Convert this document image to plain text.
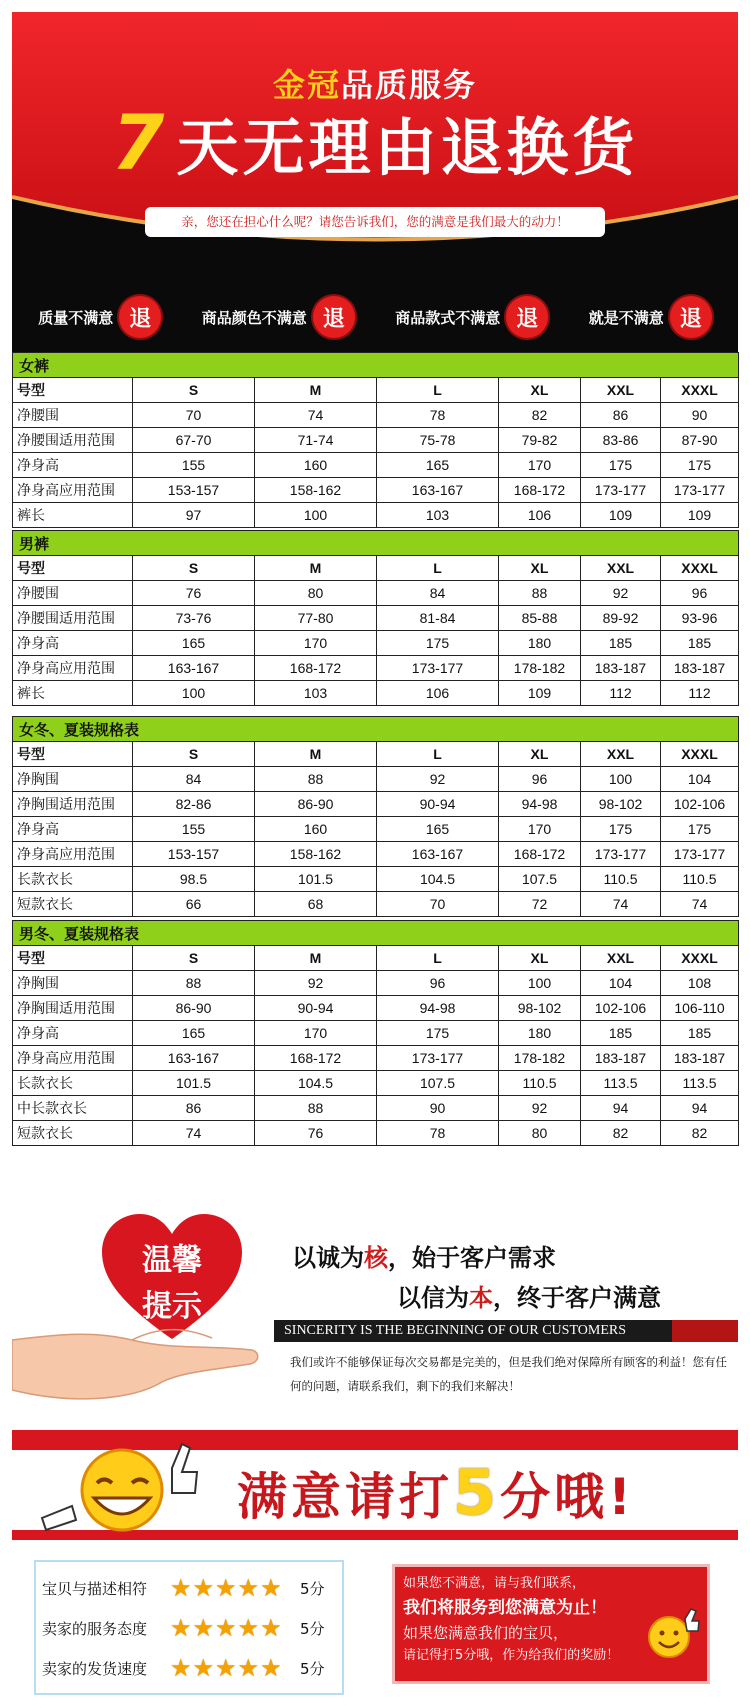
金冠品质服务
7 天无理由退换货
亲，您还在担心什么呢？请您告诉我们，您的满意是我们最大的动力！
质量不满意 退	商品颜色不满意 退	商品款式不满意 退	就是不满意 退
女裤						
号型	S	M	L	XL	XXL	XXXL
净腰围	70	74	78	82	86	90
净腰围适用范围	67-70	71-74	75-78	79-82	83-86	87-90
净身高	155	160	165	170	175	175
净身高应用范围	153-157	158-162	163-167	168-172	173-177	173-177
裤长	97	100	103	106	109	109
男裤						
号型	S	M	L	XL	XXL	XXXL
净腰围	76	80	84	88	92	96
净腰围适用范围	73-76	77-80	81-84	85-88	89-92	93-96
净身高	165	170	175	180	185	185
净身高应用范围	163-167	168-172	173-177	178-182	183-187	183-187
裤长	100	103	106	109	112	112
女冬、夏装规格表						
号型	S	M	L	XL	XXL	XXXL
净胸围	84	88	92	96	100	104
净胸围适用范围	82-86	86-90	90-94	94-98	98-102	102-106
净身高	155	160	165	170	175	175
净身高应用范围	153-157	158-162	163-167	168-172	173-177	173-177
长款衣长	98.5	101.5	104.5	107.5	110.5	110.5
短款衣长	66	68	70	72	74	74
男冬、夏装规格表						
号型	S	M	L	XL	XXL	XXXL
净胸围	88	92	96	100	104	108
净胸围适用范围	86-90	90-94	94-98	98-102	102-106	106-110
净身高	165	170	175	180	185	185
净身高应用范围	163-167	168-172	173-177	178-182	183-187	183-187
长款衣长	101.5	104.5	107.5	110.5	113.5	113.5
中长款衣长	86	88	90	92	94	94
短款衣长	74	76	78	80	82	82
温馨
提示
以诚为核，始于客户需求
以信为本，终于客户满意
SINCERITY IS THE BEGINNING OF OUR CUSTOMERS
我们或许不能够保证每次交易都是完美的，但是我们绝对保障所有顾客的利益！您有任何的问题，请联系我们，剩下的我们来解决！
满意请打5分哦!
宝贝与描述相符 ★★★★★	5分
卖家的服务态度 ★★★★★	5分
卖家的发货速度 ★★★★★	5分
如果您不满意，请与我们联系，
我们将服务到您满意为止！
如果您满意我们的宝贝，
请记得打5分哦，作为给我们的奖励！
